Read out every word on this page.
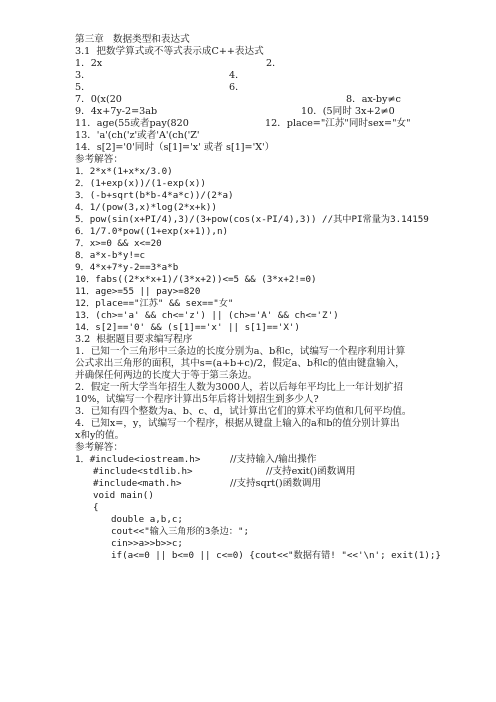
第三章   数据类型和表达式
3.1  把数学算式或不等式表示成C++表达式
1．2x	2．
3．	4．
5．	6．
7．0(x(20	8．ax-by≠c
9．4x+7y-2=3ab	10．(5同时 3x+2≠0
11．age(55或者pay(820	12．place="江苏"同时sex="女"
13．'a'(ch('z'或者'A'(ch('Z'
14．s[2]='0'同时（s[1]='x' 或者 s[1]='X'）
参考解答：
1．2*x*(1+x*x/3.0)
2．(1+exp(x))/(1-exp(x))
3．(-b+sqrt(b*b-4*a*c))/(2*a)
4．1/(pow(3,x)*log(2*x+k))
5．pow(sin(x+PI/4),3)/(3+pow(cos(x-PI/4),3)) //其中PI常量为3.14159
6．1/7.0*pow((1+exp(x+1)),n)
7．x>=0 && x<=20
8．a*x-b*y!=c
9．4*x+7*y-2==3*a*b
10．fabs((2*x*x+1)/(3*x+2))<=5 && (3*x+2!=0)
11．age>=55 || pay>=820
12．place=="江苏" && sex=="女"
13．(ch>='a' && ch<='z') || (ch>='A' && ch<='Z')
14．s[2]=='0' && (s[1]=='x' || s[1]=='X')
3.2  根据题目要求编写程序
1．已知一个三角形中三条边的长度分别为a、b和c，试编写一个程序利用计算
公式求出三角形的面积，其中s=(a+b+c)/2，假定a、b和c的值由键盘输入，
并确保任何两边的长度大于等于第三条边。
2．假定一所大学当年招生人数为3000人，若以后每年平均比上一年计划扩招
10%，试编写一个程序计算出5年后将计划招生到多少人?
3．已知有四个整数为a、b、c、d，试计算出它们的算术平均值和几何平均值。
4．已知x=，y，试编写一个程序，根据从键盘上输入的a和b的值分别计算出
x和y的值。
参考解答：
1．#include<iostream.h>	//支持输入/输出操作
#include<stdlib.h>	//支持exit()函数调用
#include<math.h>	//支持sqrt()函数调用
void main()
{
double a,b,c;
cout<<"输入三角形的3条边：";
cin>>a>>b>>c;
if(a<=0 || b<=0 || c<=0) {cout<<"数据有错! "<<'\n'; exit(1);}
